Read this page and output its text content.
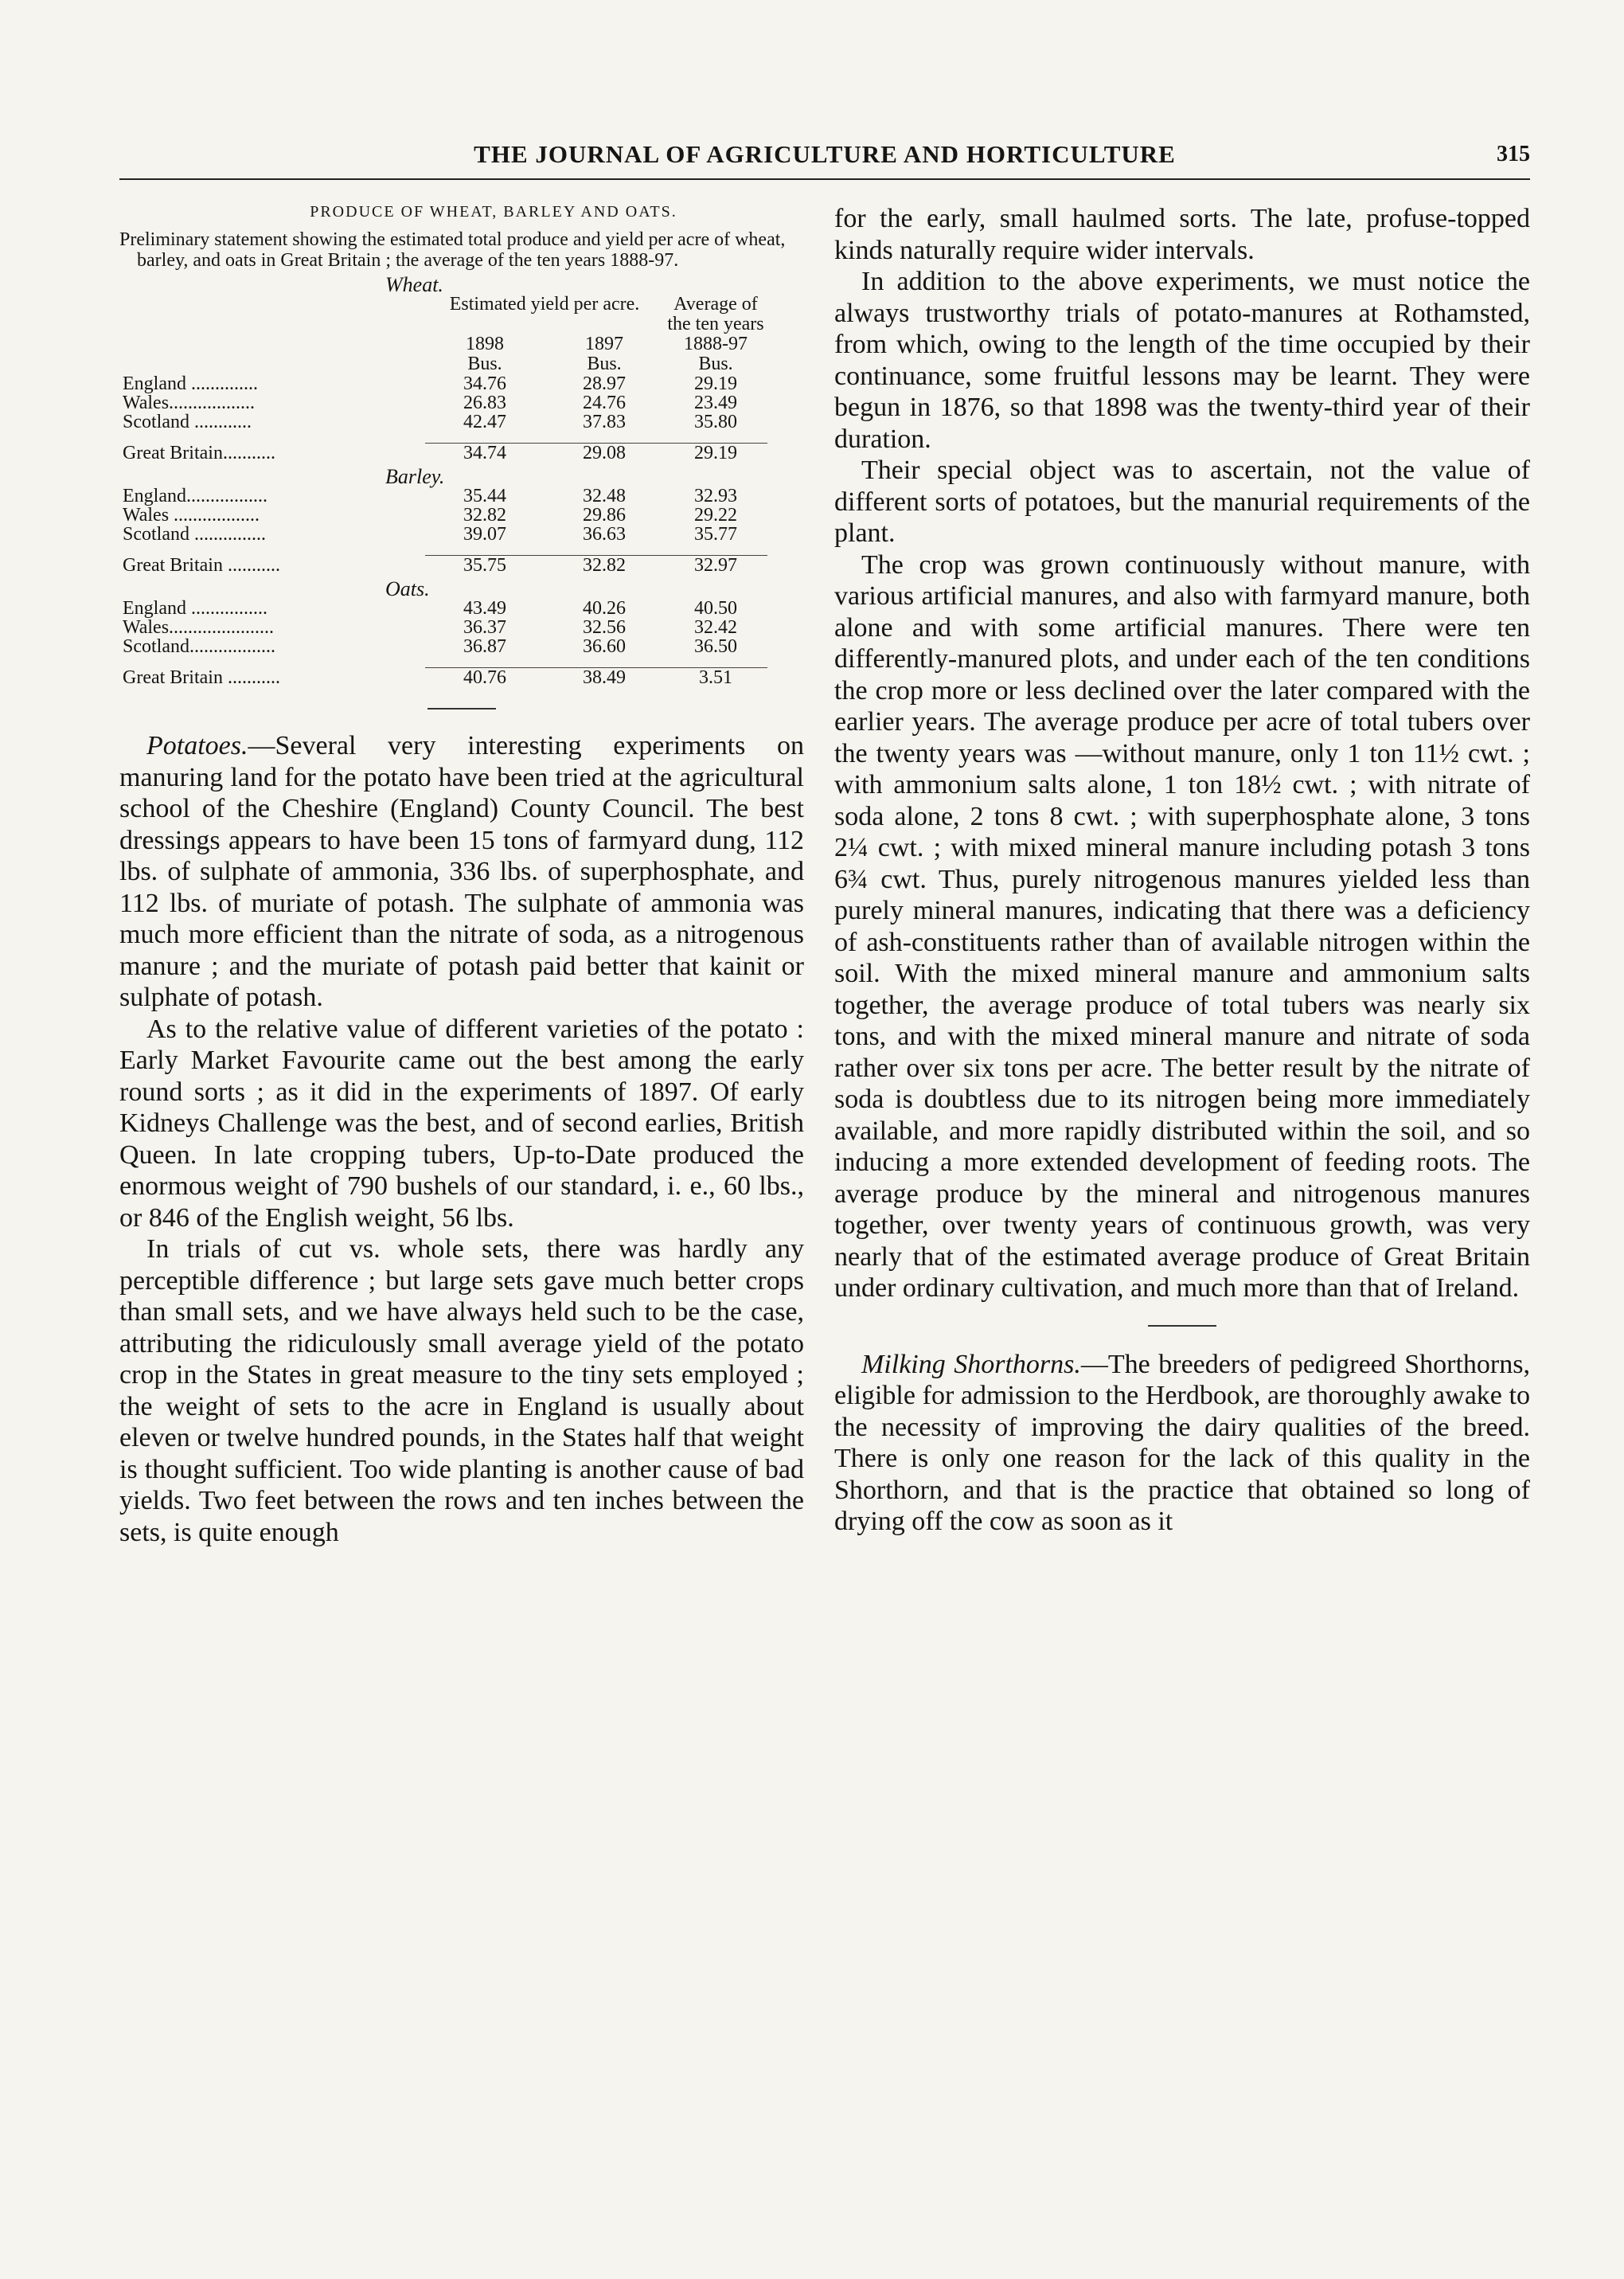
THE JOURNAL OF AGRICULTURE AND HORTICULTURE	315
PRODUCE OF WHEAT, BARLEY AND OATS.
Preliminary statement showing the estimated total produce and yield per acre of wheat, barley, and oats in Great Britain ; the average of the ten years 1888-97.
Wheat.			

	Estimated yield per acre.		Average of the ten years
	1898	1897	1888-97
	Bus.	Bus.	Bus.
England ..............	34.76	28.97	29.19
Wales..................	26.83	24.76	23.49
Scotland ............	42.47	37.83	35.80

Great Britain...........	34.74	29.08	29.19

Barley.			

England.................	35.44	32.48	32.93
Wales ..................	32.82	29.86	29.22
Scotland ...............	39.07	36.63	35.77

Great Britain ...........	35.75	32.82	32.97

Oats.			

England ................	43.49	40.26	40.50
Wales......................	36.37	32.56	32.42
Scotland..................	36.87	36.60	36.50

Great Britain ...........	40.76	38.49	3.51

Potatoes.—Several very interesting experiments on manuring land for the potato have been tried at the agricultural school of the Cheshire (England) County Council. The best dressings appears to have been 15 tons of farmyard dung, 112 lbs. of sulphate of ammonia, 336 lbs. of superphosphate, and 112 lbs. of muriate of potash. The sulphate of ammonia was much more efficient than the nitrate of soda, as a nitrogenous manure ; and the muriate of potash paid better that kainit or sulphate of potash.

As to the relative value of different varieties of the potato : Early Market Favourite came out the best among the early round sorts ; as it did in the experiments of 1897. Of early Kidneys Challenge was the best, and of second earlies, British Queen. In late cropping tubers, Up-to-Date produced the enormous weight of 790 bushels of our standard, i. e., 60 lbs., or 846 of the English weight, 56 lbs.

In trials of cut vs. whole sets, there was hardly any perceptible difference ; but large sets gave much better crops than small sets, and we have always held such to be the case, attributing the ridiculously small average yield of the potato crop in the States in great measure to the tiny sets employed ; the weight of sets to the acre in England is usually about eleven or twelve hundred pounds, in the States half that weight is thought sufficient. Too wide planting is another cause of bad yields. Two feet between the rows and ten inches between the sets, is quite enough

for the early, small haulmed sorts. The late, profuse-topped kinds naturally require wider intervals.

In addition to the above experiments, we must notice the always trustworthy trials of potato-manures at Rothamsted, from which, owing to the length of the time occupied by their continuance, some fruitful lessons may be learnt. They were begun in 1876, so that 1898 was the twenty-third year of their duration.

Their special object was to ascertain, not the value of different sorts of potatoes, but the manurial requirements of the plant.

The crop was grown continuously without manure, with various artificial manures, and also with farmyard manure, both alone and with some artificial manures. There were ten differently-manured plots, and under each of the ten conditions the crop more or less declined over the later compared with the earlier years. The average produce per acre of total tubers over the twenty years was —without manure, only 1 ton 11½ cwt. ; with ammonium salts alone, 1 ton 18½ cwt. ; with nitrate of soda alone, 2 tons 8 cwt. ; with superphosphate alone, 3 tons 2¼ cwt. ; with mixed mineral manure including potash 3 tons 6¾ cwt. Thus, purely nitrogenous manures yielded less than purely mineral manures, indicating that there was a deficiency of ash-constituents rather than of available nitrogen within the soil. With the mixed mineral manure and ammonium salts together, the average produce of total tubers was nearly six tons, and with the mixed mineral manure and nitrate of soda rather over six tons per acre. The better result by the nitrate of soda is doubtless due to its nitrogen being more immediately available, and more rapidly distributed within the soil, and so inducing a more extended development of feeding roots. The average produce by the mineral and nitrogenous manures together, over twenty years of continuous growth, was very nearly that of the estimated average produce of Great Britain under ordinary cultivation, and much more than that of Ireland.

Milking Shorthorns.—The breeders of pedigreed Shorthorns, eligible for admission to the Herdbook, are thoroughly awake to the necessity of improving the dairy qualities of the breed. There is only one reason for the lack of this quality in the Shorthorn, and that is the practice that obtained so long of drying off the cow as soon as it
